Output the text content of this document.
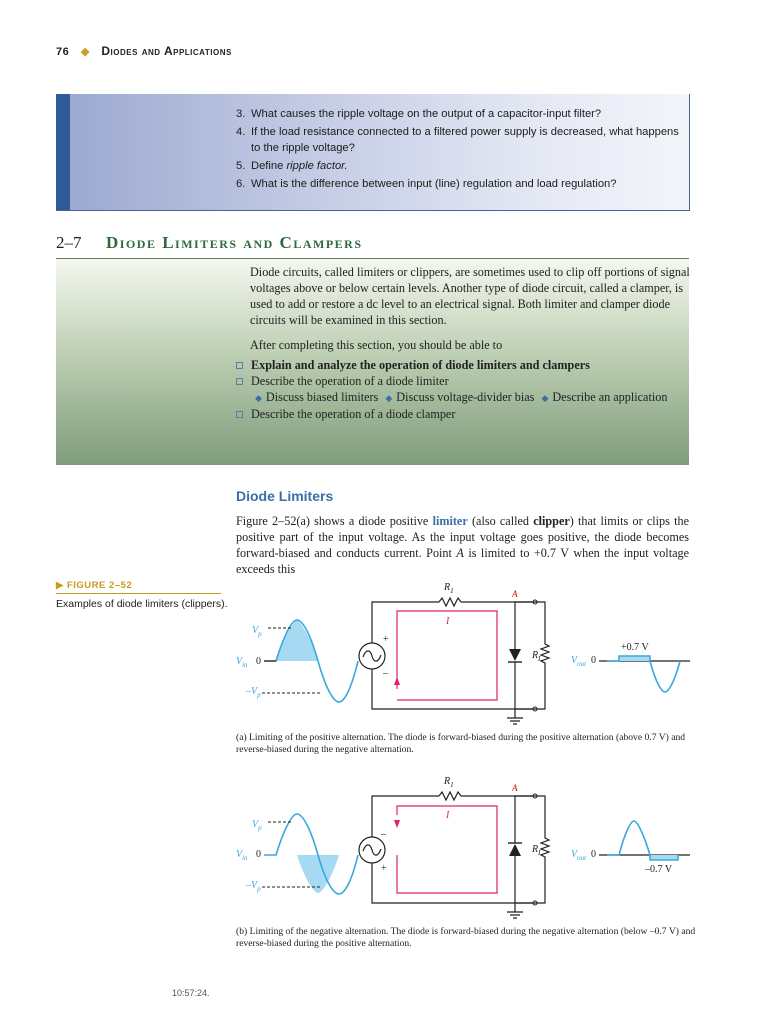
76 ◆ Diodes and Applications
3. What causes the ripple voltage on the output of a capacitor-input filter?
4. If the load resistance connected to a filtered power supply is decreased, what happens to the ripple voltage?
5. Define ripple factor.
6. What is the difference between input (line) regulation and load regulation?
2–7 Diode Limiters and Clampers

Diode circuits, called limiters or clippers, are sometimes used to clip off portions of signal voltages above or below certain levels. Another type of diode circuit, called a clamper, is used to add or restore a dc level to an electrical signal. Both limiter and clamper diode circuits will be examined in this section.

After completing this section, you should be able to

Explain and analyze the operation of diode limiters and clampers
Describe the operation of a diode limiter
◆ Discuss biased limiters ◆ Discuss voltage-divider bias ◆ Describe an application
Describe the operation of a diode clamper
Diode Limiters
Figure 2–52(a) shows a diode positive limiter (also called clipper) that limits or clips the positive part of the input voltage. As the input voltage goes positive, the diode becomes forward-biased and conducts current. Point A is limited to +0.7 V when the input voltage exceeds this
▶ FIGURE 2–52
Examples of diode limiters (clippers).
$V_p$
$V_{in}$ 0
$-V_p$
+
–
$R_1$	A
I
$R_L$	$V_{out}$ 0
+0.7 V
$V_p$
$V_{in}$ 0
$-V_p$
–
+
$R_1$	A
I
$R_L$	$V_{out}$ 0
–0.7 V
(a) Limiting of the positive alternation. The diode is forward-biased during the positive alternation (above 0.7 V) and reverse-biased during the negative alternation.
(b) Limiting of the negative alternation. The diode is forward-biased during the negative alternation (below –0.7 V) and reverse-biased during the positive alternation.
10:57:24.
